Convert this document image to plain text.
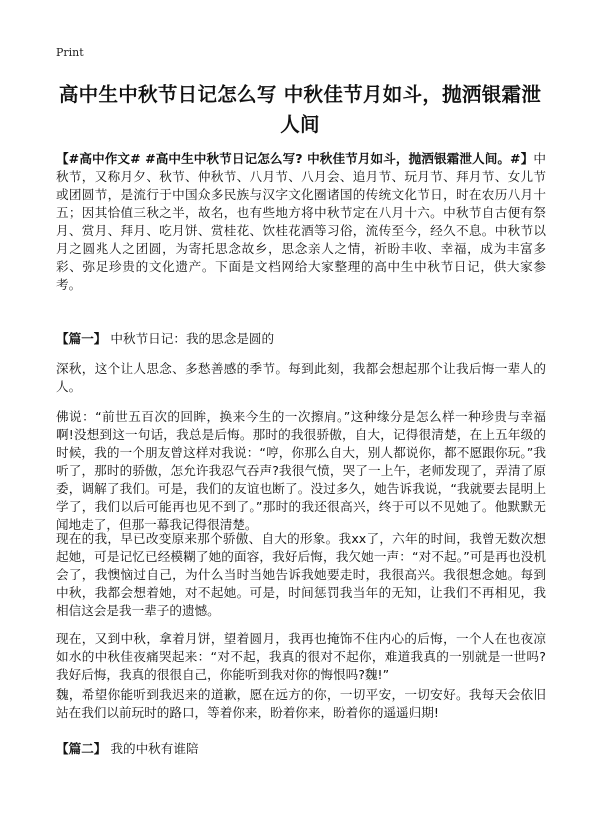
Print
高中生中秋节日记怎么写 中秋佳节月如斗，抛洒银霜泄人间

【#高中作文# #高中生中秋节日记怎么写? 中秋佳节月如斗，抛洒银霜泄人间。#】中秋节，又称月夕、秋节、仲秋节、八月节、八月会、追月节、玩月节、拜月节、女儿节或团圆节，是流行于中国众多民族与汉字文化圈诸国的传统文化节日，时在农历八月十五；因其恰值三秋之半，故名，也有些地方将中秋节定在八月十六。中秋节自古便有祭月、赏月、拜月、吃月饼、赏桂花、饮桂花酒等习俗，流传至今，经久不息。中秋节以月之圆兆人之团圆，为寄托思念故乡，思念亲人之情，祈盼丰收、幸福，成为丰富多彩、弥足珍贵的文化遗产。下面是文档网给大家整理的高中生中秋节日记，供大家参考。

【篇一】 中秋节日记：我的思念是圆的

深秋，这个让人思念、多愁善感的季节。每到此刻，我都会想起那个让我后悔一辈人的人。

佛说：“前世五百次的回眸，换来今生的一次擦肩。”这种缘分是怎么样一种珍贵与幸福啊!没想到这一句话，我总是后悔。那时的我很骄傲，自大，记得很清楚，在上五年级的时候，我的一个朋友曾这样对我说：“哼，你那么自大，别人都说你，都不愿跟你玩。”我听了，那时的骄傲，怎允许我忍气吞声?我很气愤，哭了一上午，老师发现了，弄清了原委，调解了我们。可是，我们的友谊也断了。没过多久，她告诉我说，“我就要去昆明上学了，我们以后可能再也见不到了。”那时的我还很高兴，终于可以不见她了。他默默无闻地走了，但那一幕我记得很清楚。

现在的我，早已改变原来那个骄傲、自大的形象。我xx了，六年的时间，我曾无数次想起她，可是记忆已经模糊了她的面容，我好后悔，我欠她一声：“对不起。”可是再也没机会了，我懊恼过自己，为什么当时当她告诉我她要走时，我很高兴。我很想念她。每到中秋，我都会想着她，对不起她。可是，时间惩罚我当年的无知，让我们不再相见，我相信这会是我一辈子的遗憾。

现在，又到中秋，拿着月饼，望着圆月，我再也掩饰不住内心的后悔，一个人在也夜凉如水的中秋佳夜痛哭起来：“对不起，我真的很对不起你，难道我真的一别就是一世吗?我好后悔，我真的很很自己，你能听到我对你的悔恨吗?魏!”

魏，希望你能听到我迟来的道歉，愿在远方的你，一切平安，一切安好。我每天会依旧站在我们以前玩时的路口，等着你来，盼着你来，盼着你的遥遥归期!

【篇二】 我的中秋有谁陪
